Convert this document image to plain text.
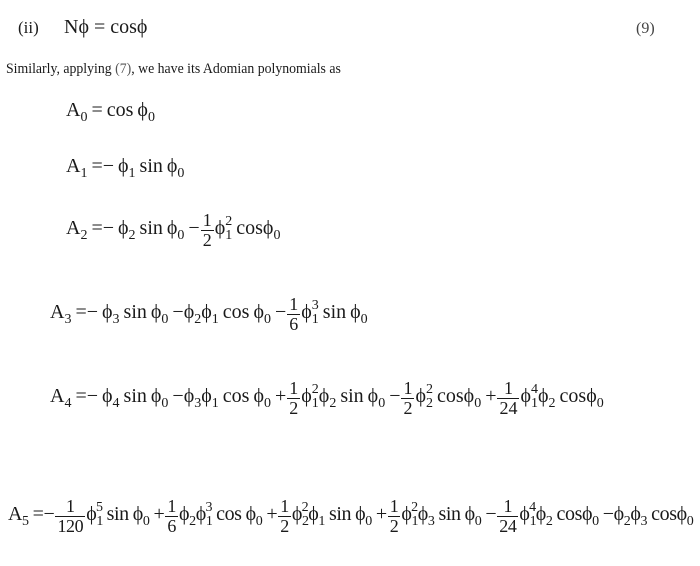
(ii) Nϕ = cosϕ	(9)
Similarly, applying (7), we have its Adomian polynomials as
$A_0 = \cos \phi_0$
$A_1 =- \phi_1$ $\sin \phi_0$
$A_2 =- \phi_2$ $\sin \phi_0 - \frac{1}{2} \phi_1^2$ cosϕ$_0$
$A_3 =- \phi_3$ $\sin \phi_0 -\phi_2\phi_1$ $\cos \phi_0 - \frac{1}{6} \phi_1^3$ $\sin \phi_0$
$A_4 =- \phi_4$ $\sin \phi_0 -\phi_3\phi_1$ $\cos \phi_0 + \frac{1}{2} \phi_1^2\phi_2$ $\sin \phi_0 - \frac{1}{2} \phi_2^2$ $\cos\phi_0 + \frac{1}{24} \phi_1^4\phi_2$ cosϕ$_0$
$A_5 =- \frac{1}{120} \phi_1^5$ $\sin \phi_0 + \frac{1}{6} \phi_2\phi_1^3$ $\cos \phi_0 + \frac{1}{2} \phi_2^2\phi_1$ $\sin \phi_0 + \frac{1}{2} \phi_1^2\phi_3$ $\sin \phi_0 - \frac{1}{24} \phi_1^4\phi_2$ $\cos\phi_0 -\phi_2\phi_3$ cosϕ$_0$
